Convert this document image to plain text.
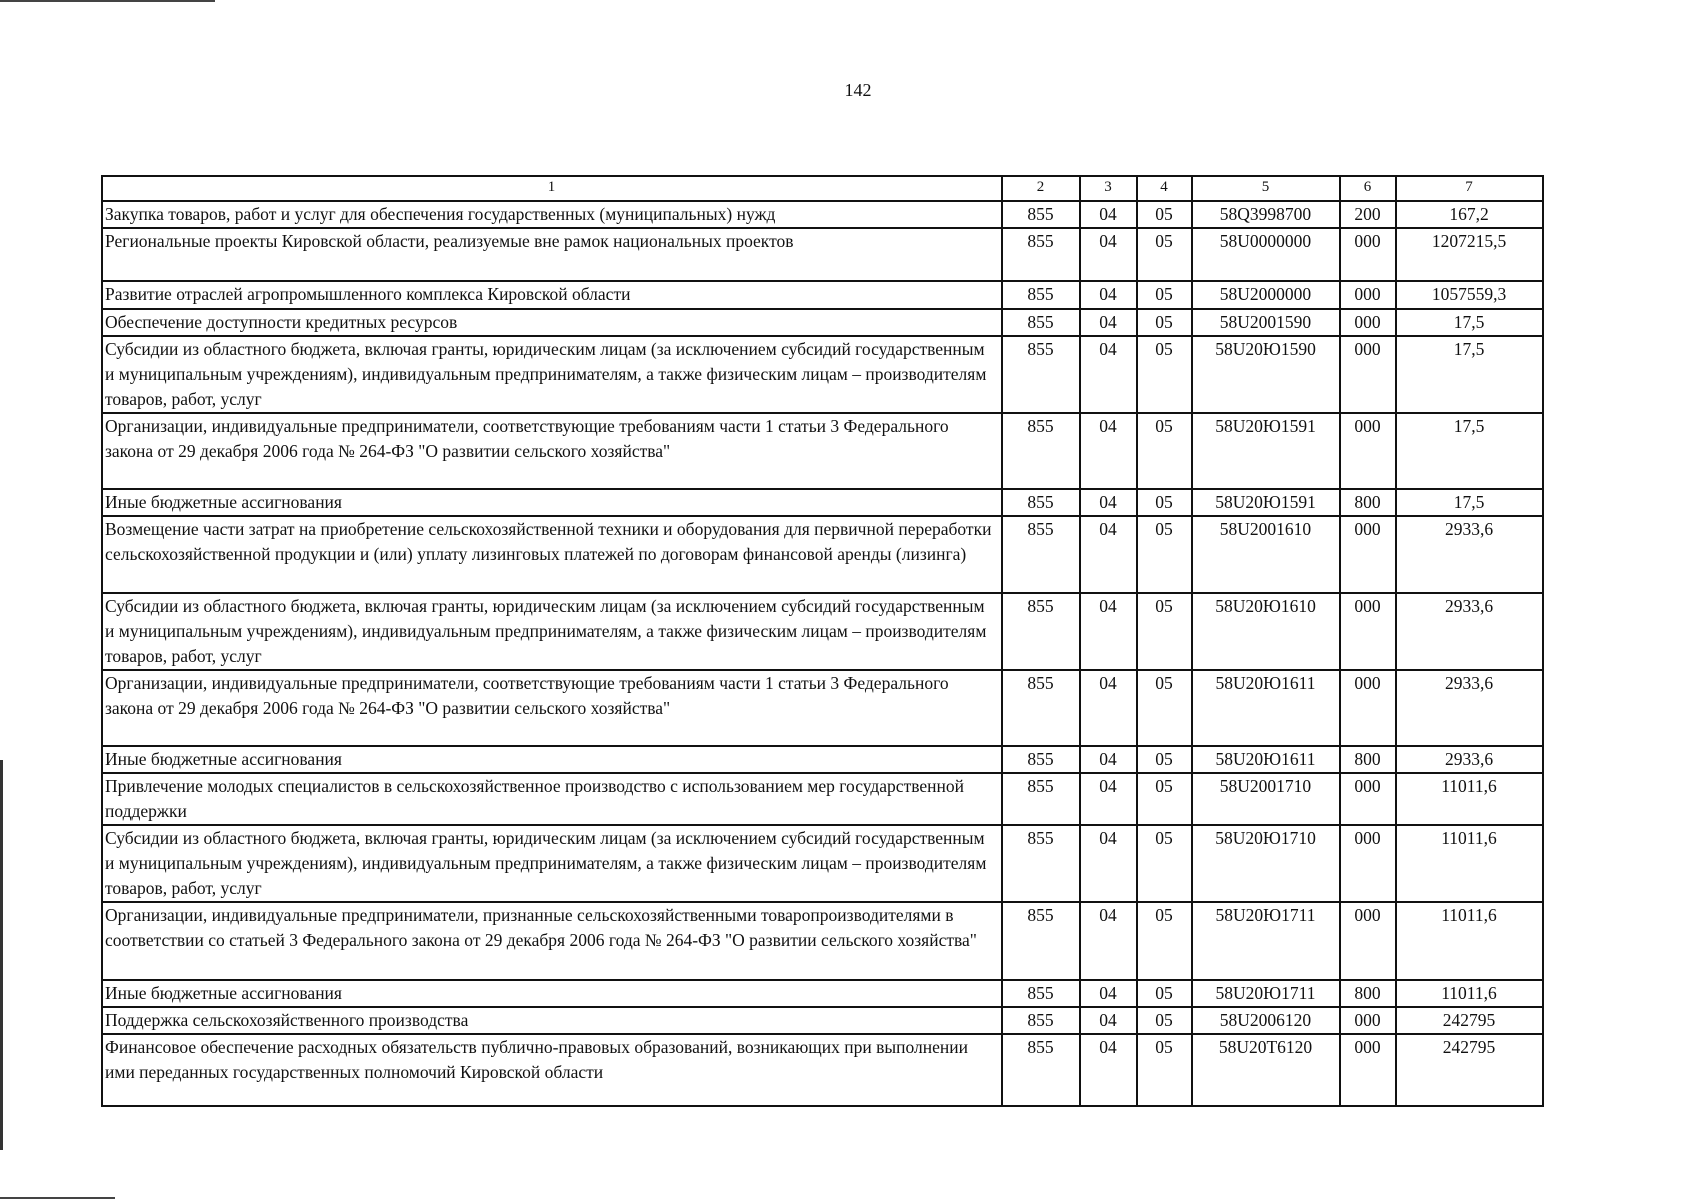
142
1	2	3	4	5	6	7
Закупка товаров, работ и услуг для обеспечения государственных (муниципальных) нужд	855	04	05	58Q3998700	200	167,2
Региональные проекты Кировской области, реализуемые вне рамок национальных проектов	855	04	05	58U0000000	000	1207215,5
Развитие отраслей агропромышленного комплекса Кировской области	855	04	05	58U2000000	000	1057559,3
Обеспечение доступности кредитных ресурсов	855	04	05	58U2001590	000	17,5
Субсидии из областного бюджета, включая гранты, юридическим лицам (за исключением субсидий государственным и муниципальным учреждениям), индивидуальным предпринимателям, а также физическим лицам – производителям товаров, работ, услуг	855	04	05	58U20Ю1590	000	17,5
Организации, индивидуальные предприниматели, соответствующие требованиям части 1 статьи 3 Федерального закона от 29 декабря 2006 года № 264-ФЗ "О развитии сельского хозяйства"	855	04	05	58U20Ю1591	000	17,5
Иные бюджетные ассигнования	855	04	05	58U20Ю1591	800	17,5
Возмещение части затрат на приобретение сельскохозяйственной техники и оборудования для первичной переработки сельскохозяйственной продукции и (или) уплату лизинговых платежей по договорам финансовой аренды (лизинга)	855	04	05	58U2001610	000	2933,6
Субсидии из областного бюджета, включая гранты, юридическим лицам (за исключением субсидий государственным и муниципальным учреждениям), индивидуальным предпринимателям, а также физическим лицам – производителям товаров, работ, услуг	855	04	05	58U20Ю1610	000	2933,6
Организации, индивидуальные предприниматели, соответствующие требованиям части 1 статьи 3 Федерального закона от 29 декабря 2006 года № 264-ФЗ "О развитии сельского хозяйства"	855	04	05	58U20Ю1611	000	2933,6
Иные бюджетные ассигнования	855	04	05	58U20Ю1611	800	2933,6
Привлечение молодых специалистов в сельскохозяйственное производство с использованием мер государственной поддержки	855	04	05	58U2001710	000	11011,6
Субсидии из областного бюджета, включая гранты, юридическим лицам (за исключением субсидий государственным и муниципальным учреждениям), индивидуальным предпринимателям, а также физическим лицам – производителям товаров, работ, услуг	855	04	05	58U20Ю1710	000	11011,6
Организации, индивидуальные предприниматели, признанные сельскохозяйственными товаропроизводителями в соответствии со статьей 3 Федерального закона от 29 декабря 2006 года № 264-ФЗ "О развитии сельского хозяйства"	855	04	05	58U20Ю1711	000	11011,6
Иные бюджетные ассигнования	855	04	05	58U20Ю1711	800	11011,6
Поддержка сельскохозяйственного производства	855	04	05	58U2006120	000	242795
Финансовое обеспечение расходных обязательств публично-правовых образований, возникающих при выполнении ими переданных государственных полномочий Кировской области	855	04	05	58U20T6120	000	242795
